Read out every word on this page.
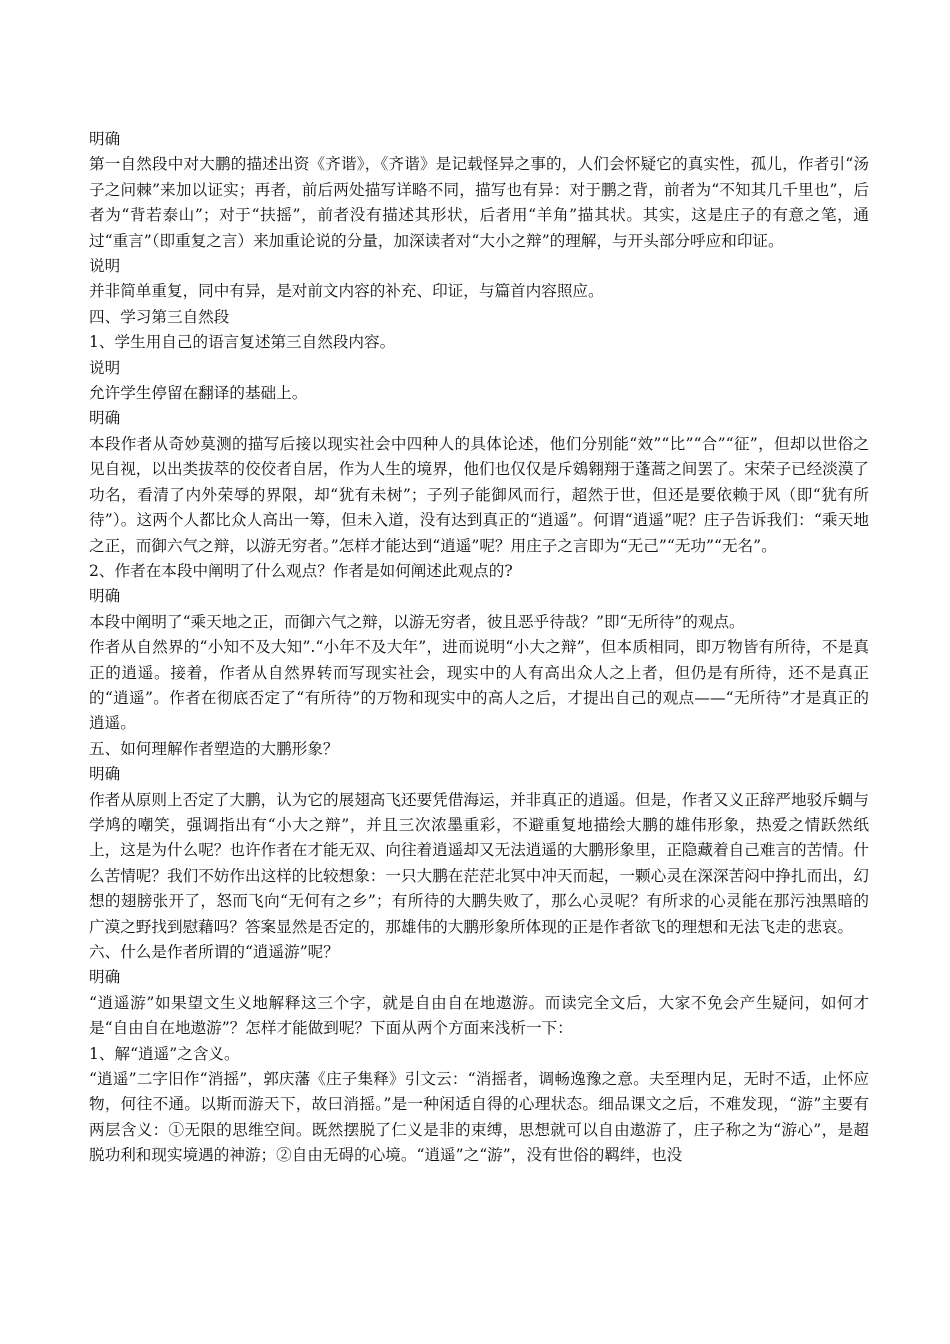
明确

第一自然段中对大鹏的描述出资《齐谐》，《齐谐》是记载怪异之事的，人们会怀疑它的真实性，孤儿，作者引“汤子之问棘”来加以证实；再者，前后两处描写详略不同，描写也有异：对于鹏之背，前者为“不知其几千里也”，后者为“背若泰山”；对于“扶摇”，前者没有描述其形状，后者用“羊角”描其状。其实，这是庄子的有意之笔，通过“重言”（即重复之言）来加重论说的分量，加深读者对“大小之辩”的理解，与开头部分呼应和印证。

说明

并非简单重复，同中有异，是对前文内容的补充、印证，与篇首内容照应。

四、学习第三自然段

1、学生用自己的语言复述第三自然段内容。

说明

允许学生停留在翻译的基础上。

明确

本段作者从奇妙莫测的描写后接以现实社会中四种人的具体论述，他们分别能“效”“比”“合”“征”，但却以世俗之见自视，以出类拔萃的佼佼者自居，作为人生的境界，他们也仅仅是斥鴳翱翔于蓬蒿之间罢了。宋荣子已经淡漠了功名，看清了内外荣辱的界限，却“犹有未树”；子列子能御风而行，超然于世，但还是要依赖于风（即“犹有所待”）。这两个人都比众人高出一筹，但未入道，没有达到真正的“逍遥”。何谓“逍遥”呢？庄子告诉我们：“乘天地之正，而御六气之辩，以游无穷者。”怎样才能达到“逍遥”呢？用庄子之言即为“无己”“无功”“无名”。

2、作者在本段中阐明了什么观点？作者是如何阐述此观点的?

明确

本段中阐明了“乘天地之正，而御六气之辩，以游无穷者，彼且恶乎待哉？”即“无所待”的观点。

作者从自然界的“小知不及大知”.“小年不及大年”，进而说明“小大之辩”，但本质相同，即万物皆有所待，不是真正的逍遥。接着，作者从自然界转而写现实社会，现实中的人有高出众人之上者，但仍是有所待，还不是真正的“逍遥”。作者在彻底否定了“有所待”的万物和现实中的高人之后，才提出自己的观点——“无所待”才是真正的逍遥。

五、如何理解作者塑造的大鹏形象？

明确

作者从原则上否定了大鹏，认为它的展翅高飞还要凭借海运，并非真正的逍遥。但是，作者又义正辞严地驳斥蜩与学鸠的嘲笑，强调指出有“小大之辩”，并且三次浓墨重彩，不避重复地描绘大鹏的雄伟形象，热爱之情跃然纸上，这是为什么呢？也许作者在才能无双、向往着逍遥却又无法逍遥的大鹏形象里，正隐藏着自己难言的苦情。什么苦情呢？我们不妨作出这样的比较想象：一只大鹏在茫茫北冥中冲天而起，一颗心灵在深深苦闷中挣扎而出，幻想的翅膀张开了，怒而飞向“无何有之乡”；有所待的大鹏失败了，那么心灵呢？有所求的心灵能在那污浊黑暗的广漠之野找到慰藉吗？答案显然是否定的，那雄伟的大鹏形象所体现的正是作者欲飞的理想和无法飞走的悲哀。

六、什么是作者所谓的“逍遥游”呢？

明确

“逍遥游”如果望文生义地解释这三个字，就是自由自在地遨游。而读完全文后，大家不免会产生疑问，如何才是“自由自在地遨游”？怎样才能做到呢？下面从两个方面来浅析一下：

1、解“逍遥”之含义。

“逍遥”二字旧作“消摇”，郭庆藩《庄子集释》引文云：“消摇者，调畅逸豫之意。夫至理内足，无时不适，止怀应物，何往不通。以斯而游天下，故曰消摇。”是一种闲适自得的心理状态。细品课文之后，不难发现，“游”主要有两层含义：①无限的思维空间。既然摆脱了仁义是非的束缚，思想就可以自由遨游了，庄子称之为“游心”，是超脱功利和现实境遇的神游；②自由无碍的心境。“逍遥”之“游”，没有世俗的羁绊，也没
